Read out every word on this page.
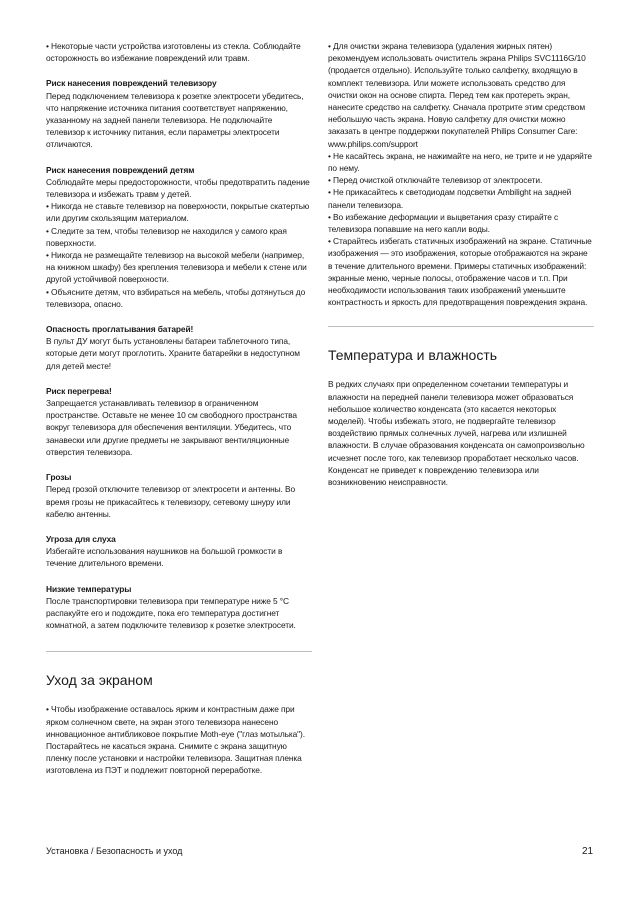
• Некоторые части устройства изготовлены из стекла. Соблюдайте осторожность во избежание повреждений или травм.

Риск нанесения повреждений телевизору

Перед подключением телевизора к розетке электросети убедитесь, что напряжение источника питания соответствует напряжению, указанному на задней панели телевизора. Не подключайте телевизор к источнику питания, если параметры электросети отличаются.

Риск нанесения повреждений детям

Соблюдайте меры предосторожности, чтобы предотвратить падение телевизора и избежать травм у детей.
• Никогда не ставьте телевизор на поверхности, покрытые скатертью или другим скользящим материалом.
• Следите за тем, чтобы телевизор не находился у самого края поверхности.
• Никогда не размещайте телевизор на высокой мебели (например, на книжном шкафу) без крепления телевизора и мебели к стене или другой устойчивой поверхности.
• Объясните детям, что взбираться на мебель, чтобы дотянуться до телевизора, опасно.

Опасность проглатывания батарей!

В пульт ДУ могут быть установлены батареи таблеточного типа, которые дети могут проглотить. Храните батарейки в недоступном для детей месте!

Риск перегрева!

Запрещается устанавливать телевизор в ограниченном пространстве. Оставьте не менее 10 см свободного пространства вокруг телевизора для обеспечения вентиляции. Убедитесь, что занавески или другие предметы не закрывают вентиляционные отверстия телевизора.

Грозы

Перед грозой отключите телевизор от электросети и антенны. Во время грозы не прикасайтесь к телевизору, сетевому шнуру или кабелю антенны.

Угроза для слуха

Избегайте использования наушников на большой громкости в течение длительного времени.

Низкие температуры

После транспортировки телевизора при температуре ниже 5 °C распакуйте его и подождите, пока его температура достигнет комнатной, а затем подключите телевизор к розетке электросети.

Уход за экраном

• Чтобы изображение оставалось ярким и контрастным даже при ярком солнечном свете, на экран этого телевизора нанесено инновационное антибликовое покрытие Moth-eye ("глаз мотылька"). Постарайтесь не касаться экрана. Снимите с экрана защитную пленку после установки и настройки телевизора. Защитная пленка изготовлена из ПЭТ и подлежит повторной переработке.

• Для очистки экрана телевизора (удаления жирных пятен) рекомендуем использовать очиститель экрана Philips SVC1116G/10 (продается отдельно). Используйте только салфетку, входящую в комплект телевизора. Или можете использовать средство для очистки окон на основе спирта. Перед тем как протереть экран, нанесите средство на салфетку. Сначала протрите этим средством небольшую часть экрана. Новую салфетку для очистки можно заказать в центре поддержки покупателей Philips Consumer Care: www.philips.com/support
• Не касайтесь экрана, не нажимайте на него, не трите и не ударяйте по нему.
• Перед очисткой отключайте телевизор от электросети.
• Не прикасайтесь к светодиодам подсветки Ambilight на задней панели телевизора.
• Во избежание деформации и выцветания сразу стирайте с телевизора попавшие на него капли воды.
• Старайтесь избегать статичных изображений на экране. Статичные изображения — это изображения, которые отображаются на экране в течение длительного времени. Примеры статичных изображений: экранные меню, черные полосы, отображение часов и т.п. При необходимости использования таких изображений уменьшите контрастность и яркость для предотвращения повреждения экрана.

Температура и влажность

В редких случаях при определенном сочетании температуры и влажности на передней панели телевизора может образоваться небольшое количество конденсата (это касается некоторых моделей). Чтобы избежать этого, не подвергайте телевизор воздействию прямых солнечных лучей, нагрева или излишней влажности. В случае образования конденсата он самопроизвольно исчезнет после того, как телевизор проработает несколько часов. Конденсат не приведет к повреждению телевизора или возникновению неисправности.

Установка / Безопасность и уход	21
